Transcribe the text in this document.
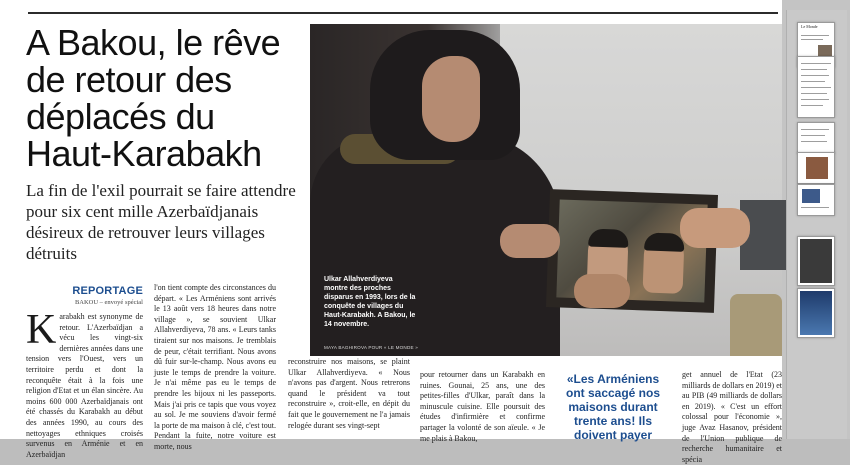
A Bakou, le rêve de retour des déplacés du Haut-Karabakh

La fin de l'exil pourrait se faire attendre pour six cent mille Azerbaïdjanais désireux de retrouver leurs villages détruits

REPORTAGE
BAKOU – envoyé spécial
K arabakh est synonyme de retour. L'Azerbaïdjan a vécu les vingt-six dernières années dans une tension vers l'Ouest, vers un territoire perdu et dont la reconquête était à la fois une religion d'Etat et un élan sincère. Au moins 600 000 Azerbaïdjanais ont été chassés du Karabakh au début des années 1990, au cours des nettoyages ethniques croisés survenus en Arménie et en Azerbaïdjan

l'on tient compte des circonstances du départ. « Les Arméniens sont arrivés le 13 août vers 18 heures dans notre village », se souvient Ulkar Allahverdiyeva, 78 ans. « Leurs tanks tiraient sur nos maisons. Je tremblais de peur, c'était terrifiant. Nous avons dû fuir sur-le-champ. Nous avons eu juste le temps de prendre la voiture. Je n'ai même pas eu le temps de prendre les bijoux ni les passeports. Mais j'ai pris ce tapis que vous voyez au sol. Je me souviens d'avoir fermé la porte de ma maison à clé, c'est tout. Pendant la fuite, notre voiture est morte, nous

reconstruire nos maisons, se plaint Ulkar Allahverdiyeva. « Nous n'avons pas d'argent. Nous retrerons quand le président va tout reconstruire », croit-elle, en dépit du fait que le gouvernement ne l'a jamais relogée durant ses vingt-sept

pour retourner dans un Karabakh en ruines. Gounai, 25 ans, une des petites-filles d'Ulkar, paraît dans la minuscule cuisine. Elle poursuit des études d'infirmière et confirme partager la volonté de son aïeule. « Je me plais à Bakou,

get annuel de l'Etat (23 milliards de dollars en 2019) et au PIB (49 milliards de dollars en 2019). « C'est un effort colossal pour l'économie », juge Avaz Hasanov, président de l'Union publique de recherche humanitaire et spécia

Ulkar Allahverdiyeva montre des proches disparus en 1993, lors de la conquête de villages du Haut-Karabakh. A Bakou, le 14 novembre.

MAYA BAGHIROVA POUR « LE MONDE »

«Les Arméniens ont saccagé nos maisons durant trente ans! Ils doivent payer

Le Monde
